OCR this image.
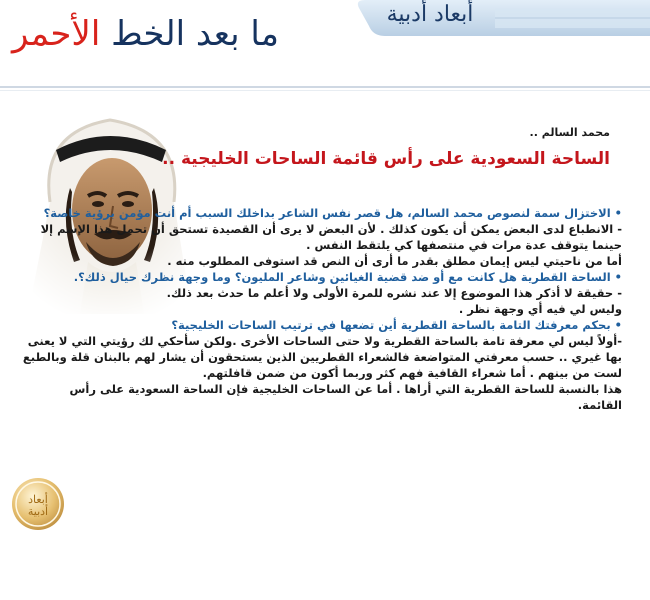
أبعاد أدبية
ما بعد الخط الأحمر
محمد السالم ..
الساحة السعودية على رأس قائمة الساحات الخليجية ..

• الاختزال سمة لنصوص محمد السالم، هل قصر نفس الشاعر بداخلك السبب أم أنت مؤمن برؤية خاصة؟

- الانطباع لدى البعض يمكن أن يكون كذلك . لأن البعض لا يرى أن القصيدة تستحق أن تحمل هذا الإسم إلا حينما يتوقف عدة مرات في منتصفها كي يلتقط النفس .

أما من ناحيتي ليس إيمان مطلق بقدر ما أرى أن النص قد استوفى المطلوب منه .

• الساحة القطرية هل كانت مع أو ضد قضية الغيائين وشاعر المليون؟ وما وجهة نظرك حيال ذلك؟.

- حقيقة لا أذكر هذا الموضوع إلا عند نشره للمرة الأولى ولا أعلم ما حدث بعد ذلك.

وليس لي فيه أي وجهة نظر .

• بحكم معرفتك التامة بالساحة القطرية أين تضعها في ترتيب الساحات الخليجية؟

-أولاً ليس لي معرفة تامة بالساحة القطرية ولا حتى الساحات الأخرى .ولكن سأحكي لك رؤيتي التي لا يعنى بها غيري .. حسب معرفتي المتواضعة فالشعراء القطريين الذين يستحقون أن يشار لهم بالبنان قلة وبالطبع لست من بينهم . أما شعراء القافية فهم كثر وربما أكون من ضمن قافلتهم.

هذا بالنسبة للساحة القطرية التي أراها . أما عن الساحات الخليجية فإن الساحة السعودية على رأس القائمة.

أبعاد
أدبية
